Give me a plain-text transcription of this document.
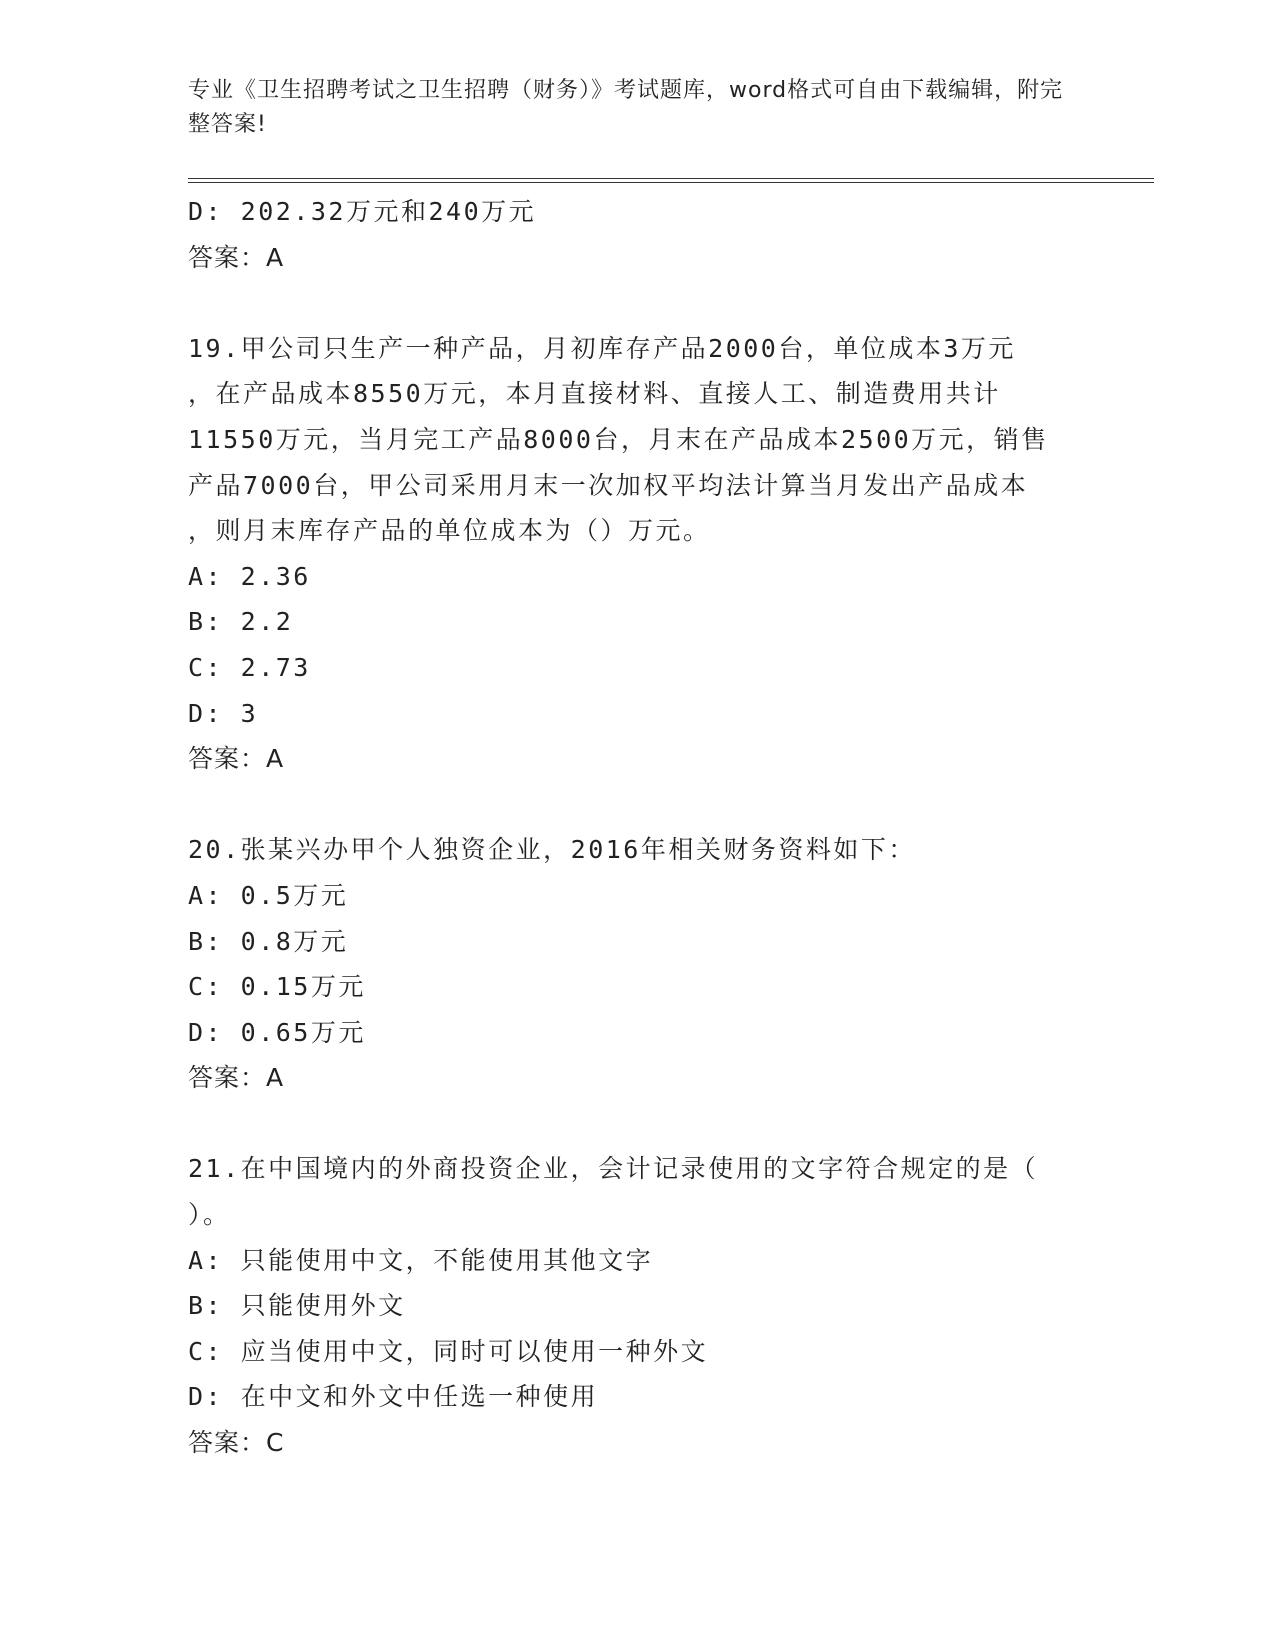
专业《卫生招聘考试之卫生招聘（财务）》考试题库，word格式可自由下载编辑，附完整答案!
D: 202.32万元和240万元
答案：A
19.甲公司只生产一种产品，月初库存产品2000台，单位成本3万元
，在产品成本8550万元，本月直接材料、直接人工、制造费用共计
11550万元，当月完工产品8000台，月末在产品成本2500万元，销售
产品7000台，甲公司采用月末一次加权平均法计算当月发出产品成本
，则月末库存产品的单位成本为（）万元。
A: 2.36
B: 2.2
C: 2.73
D: 3
答案：A
20.张某兴办甲个人独资企业，2016年相关财务资料如下：
A: 0.5万元
B: 0.8万元
C: 0.15万元
D: 0.65万元
答案：A
21.在中国境内的外商投资企业，会计记录使用的文字符合规定的是（
）。
A: 只能使用中文，不能使用其他文字
B: 只能使用外文
C: 应当使用中文，同时可以使用一种外文
D: 在中文和外文中任选一种使用
答案：C
